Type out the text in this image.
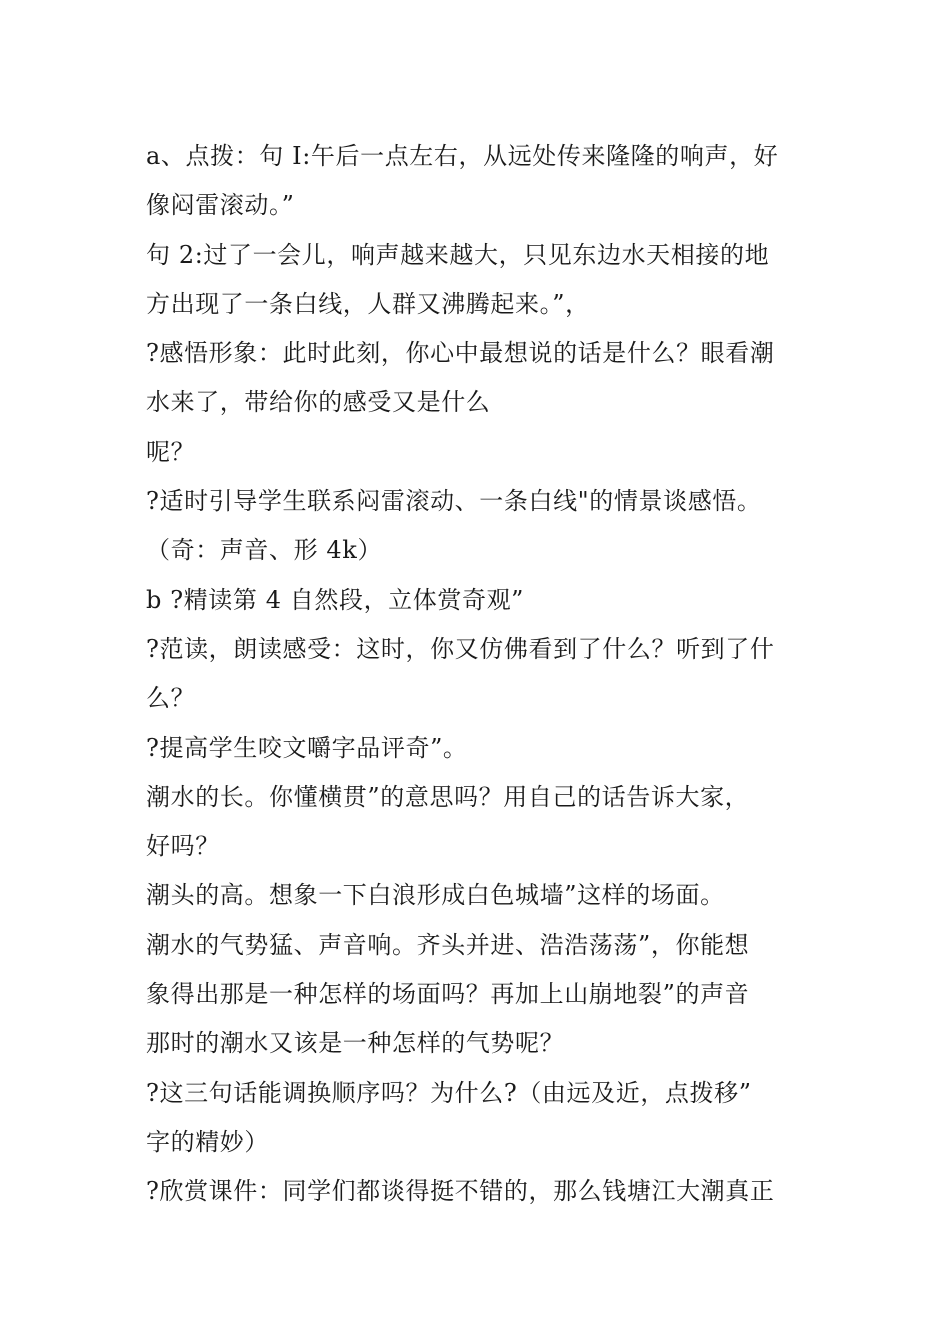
a、点拨：句 I:午后一点左右，从远处传来隆隆的响声，好
像闷雷滚动。”
句 2:过了一会儿，响声越来越大，只见东边水天相接的地
方出现了一条白线，人群又沸腾起来。”，
?感悟形象：此时此刻，你心中最想说的话是什么？眼看潮
水来了，带给你的感受又是什么
呢？
?适时引导学生联系闷雷滚动、一条白线"的情景谈感悟。
（奇：声音、形 4k）
b ?精读第 4 自然段，立体赏奇观”
?范读，朗读感受：这时，你又仿佛看到了什么？听到了什
么？
?提高学生咬文嚼字品评奇”。
潮水的长。你懂横贯”的意思吗？用自己的话告诉大家，
好吗？
潮头的高。想象一下白浪形成白色城墙”这样的场面。
潮水的气势猛、声音响。齐头并进、浩浩荡荡”，你能想
象得出那是一种怎样的场面吗？再加上山崩地裂”的声音
那时的潮水又该是一种怎样的气势呢？
?这三句话能调换顺序吗？为什么?（由远及近，点拨移”
字的精妙）
?欣赏课件：同学们都谈得挺不错的，那么钱塘江大潮真正
